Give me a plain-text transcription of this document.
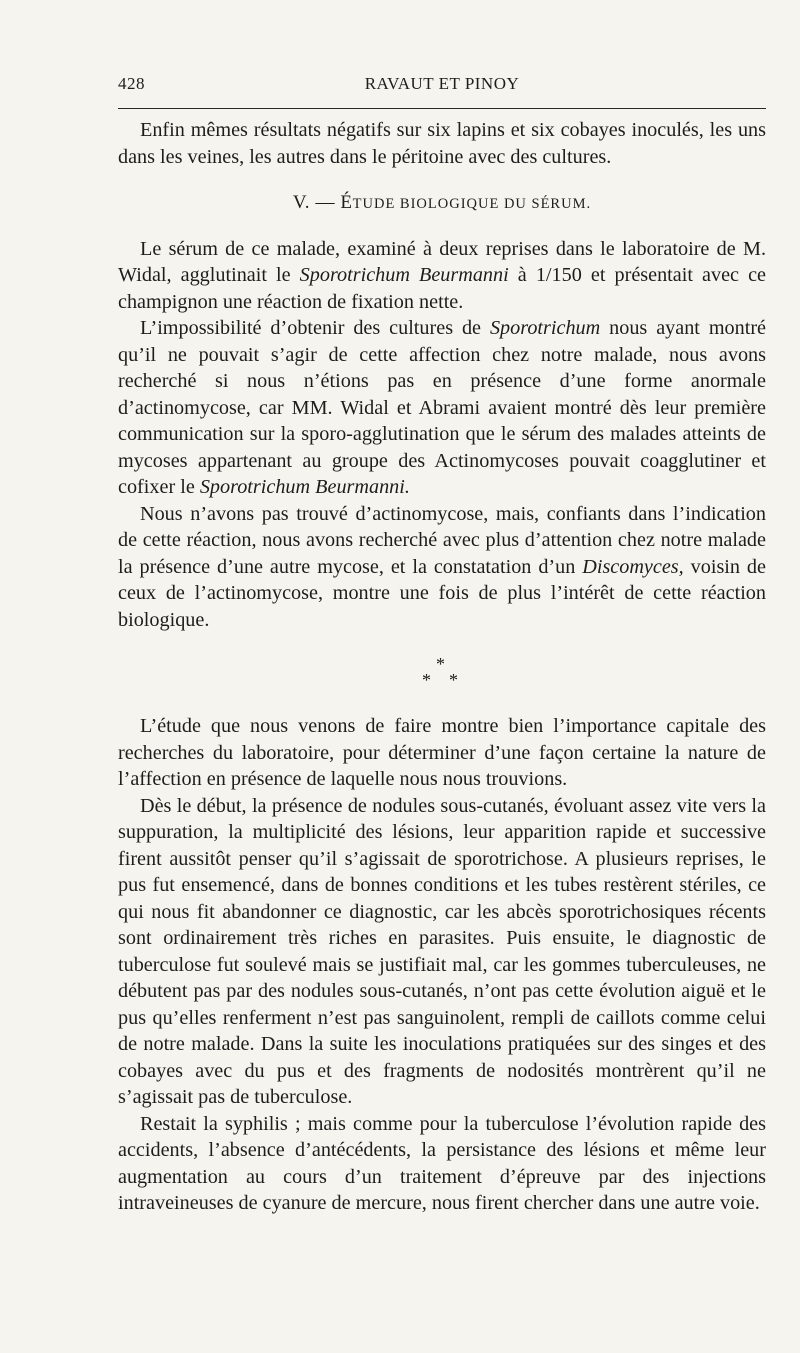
428	RAVAUT ET PINOY

Enfin mêmes résultats négatifs sur six lapins et six cobayes inoculés, les uns dans les veines, les autres dans le péritoine avec des cultures.

V. — ÉTUDE BIOLOGIQUE DU SÉRUM.

Le sérum de ce malade, examiné à deux reprises dans le laboratoire de M. Widal, agglutinait le Sporotrichum Beurmanni à 1/150 et présentait avec ce champignon une réaction de fixation nette.

L’impossibilité d’obtenir des cultures de Sporotrichum nous ayant montré qu’il ne pouvait s’agir de cette affection chez notre malade, nous avons recherché si nous n’étions pas en présence d’une forme anormale d’actinomycose, car MM. Widal et Abrami avaient montré dès leur première communication sur la sporo-agglutination que le sérum des malades atteints de mycoses appartenant au groupe des Actinomycoses pouvait coagglutiner et cofixer le Sporotrichum Beurmanni.

Nous n’avons pas trouvé d’actinomycose, mais, confiants dans l’indication de cette réaction, nous avons recherché avec plus d’attention chez notre malade la présence d’une autre mycose, et la constatation d’un Discomyces, voisin de ceux de l’actinomycose, montre une fois de plus l’intérêt de cette réaction biologique.

*
* *

L’étude que nous venons de faire montre bien l’importance capitale des recherches du laboratoire, pour déterminer d’une façon certaine la nature de l’affection en présence de laquelle nous nous trouvions.

Dès le début, la présence de nodules sous-cutanés, évoluant assez vite vers la suppuration, la multiplicité des lésions, leur apparition rapide et successive firent aussitôt penser qu’il s’agissait de sporotrichose. A plusieurs reprises, le pus fut ensemencé, dans de bonnes conditions et les tubes restèrent stériles, ce qui nous fit abandonner ce diagnostic, car les abcès sporotrichosiques récents sont ordinairement très riches en parasites. Puis ensuite, le diagnostic de tuberculose fut soulevé mais se justifiait mal, car les gommes tuberculeuses, ne débutent pas par des nodules sous-cutanés, n’ont pas cette évolution aiguë et le pus qu’elles renferment n’est pas sanguinolent, rempli de caillots comme celui de notre malade. Dans la suite les inoculations pratiquées sur des singes et des cobayes avec du pus et des fragments de nodosités montrèrent qu’il ne s’agissait pas de tuberculose.

Restait la syphilis ; mais comme pour la tuberculose l’évolution rapide des accidents, l’absence d’antécédents, la persistance des lésions et même leur augmentation au cours d’un traitement d’épreuve par des injections intraveineuses de cyanure de mercure, nous firent chercher dans une autre voie.
